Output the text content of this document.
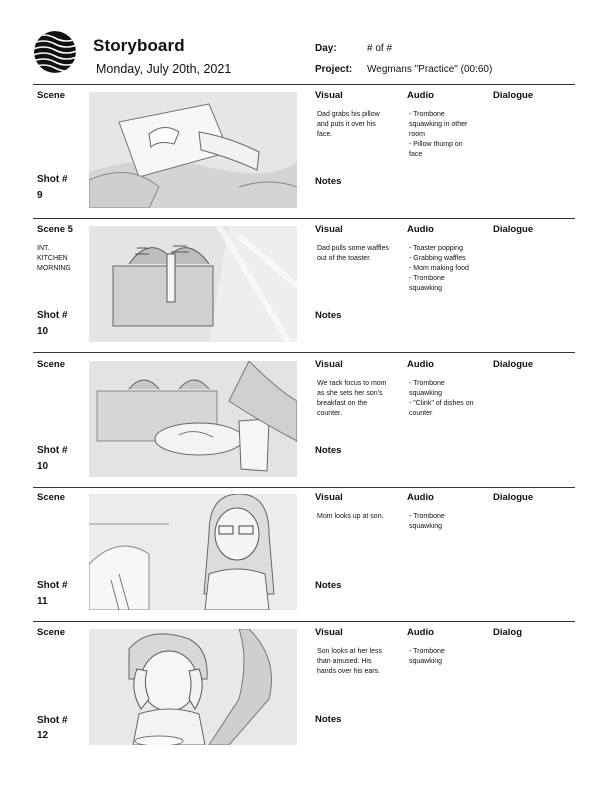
Storyboard
Monday, July 20th, 2021
Day:	# of #
Project: Wegmans "Practice" (00:60)
Scene
Shot #
9
Visual
Dad grabs his pillow
and puts it over his
face.
Notes
Audio
- Trombone
squawking in other
room
- Pillow thump on
face
Dialogue
Scene 5
INT.
KITCHEN
MORNING
Shot #
10
Visual
Dad pulls some waffles
out of the toaster.
Notes
Audio
- Toaster popping
- Grabbing waffles
- Mom making food
- Trombone
squawking
Dialogue
Scene
Shot #
10
Visual
We rack focus to mom
as she sets her son's
breakfast on the
counter.
Notes
Audio
- Trombone
squawking
- "Clink" of dishes on
counter
Dialogue
Scene
Shot #
11
Visual
Mom looks up at son.
Notes
Audio
- Trombone
squawking
Dialogue
Scene
Shot #
12
Visual
Son looks at her less
than amused. His
hands over his ears.
Notes
Audio
- Trombone
squawking
Dialog
